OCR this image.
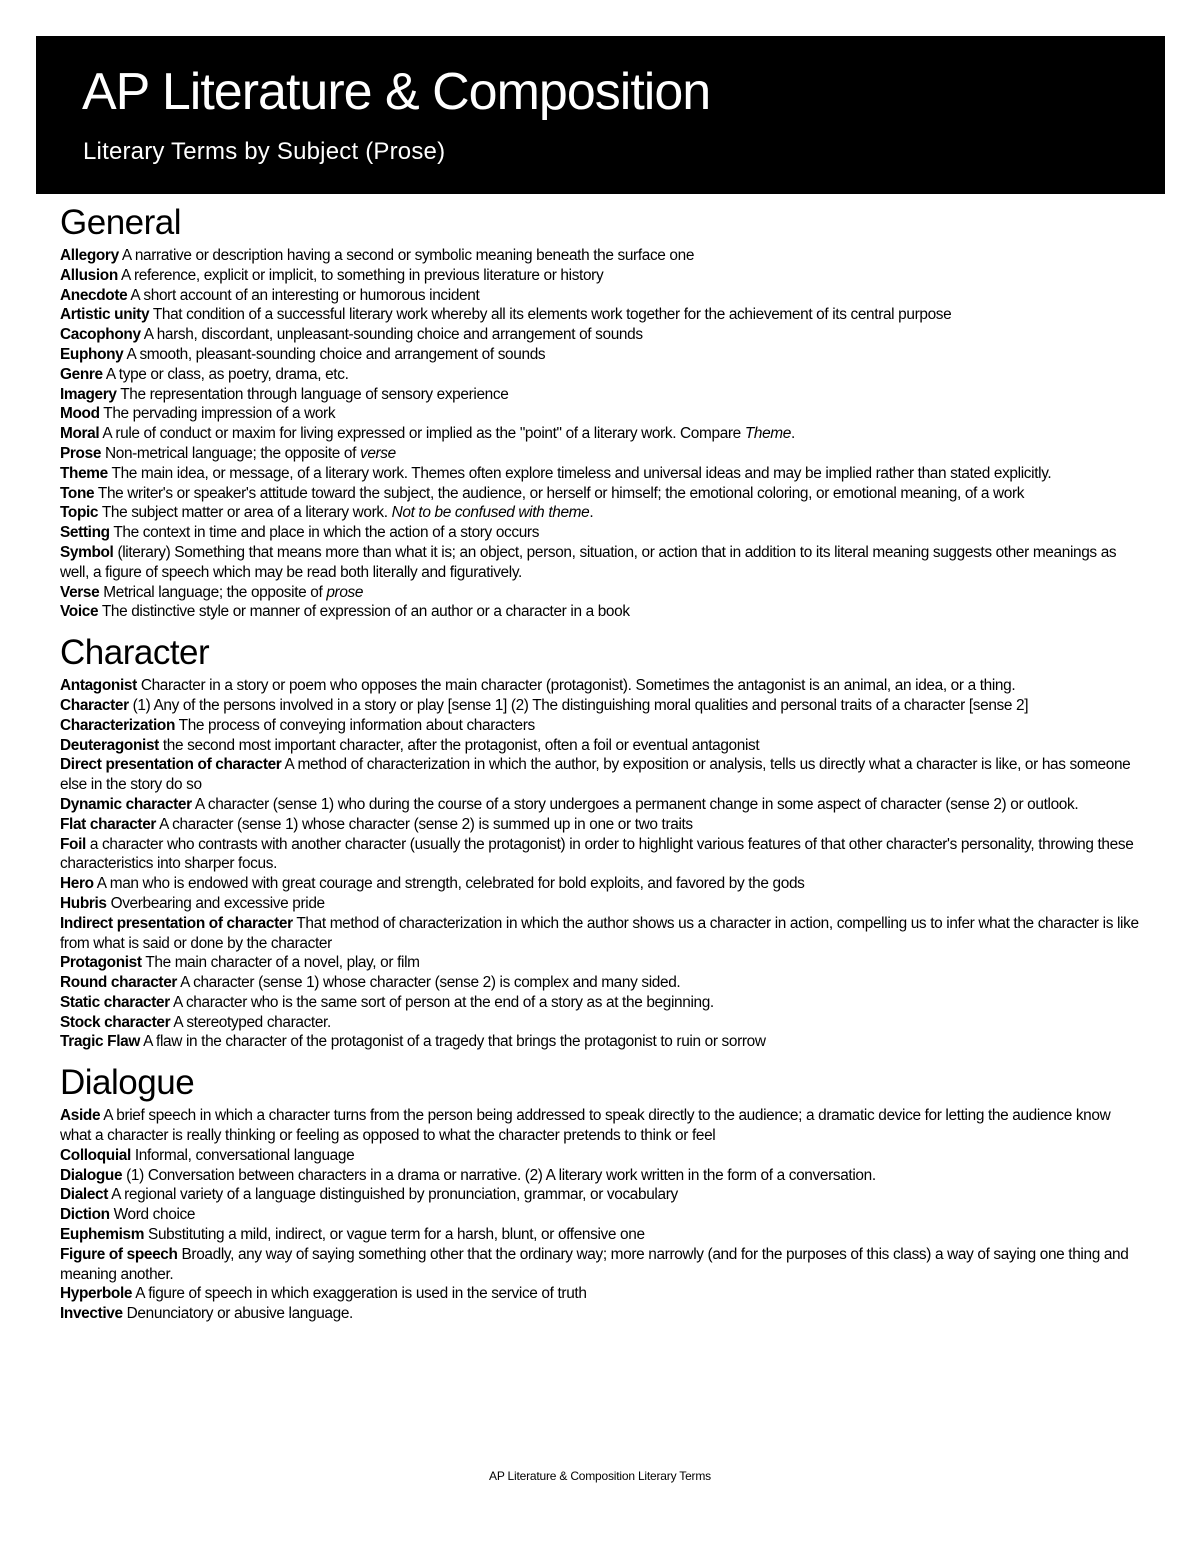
AP Literature & Composition
Literary Terms by Subject (Prose)
General
Allegory A narrative or description having a second or symbolic meaning beneath the surface one
Allusion A reference, explicit or implicit, to something in previous literature or history
Anecdote A short account of an interesting or humorous incident
Artistic unity That condition of a successful literary work whereby all its elements work together for the achievement of its central purpose
Cacophony A harsh, discordant, unpleasant-sounding choice and arrangement of sounds
Euphony A smooth, pleasant-sounding choice and arrangement of sounds
Genre A type or class, as poetry, drama, etc.
Imagery The representation through language of sensory experience
Mood The pervading impression of a work
Moral A rule of conduct or maxim for living expressed or implied as the "point" of a literary work. Compare Theme.
Prose Non-metrical language; the opposite of verse
Theme The main idea, or message, of a literary work. Themes often explore timeless and universal ideas and may be implied rather than stated explicitly.
Tone The writer's or speaker's attitude toward the subject, the audience, or herself or himself; the emotional coloring, or emotional meaning, of a work
Topic The subject matter or area of a literary work. Not to be confused with theme.
Setting The context in time and place in which the action of a story occurs
Symbol (literary) Something that means more than what it is; an object, person, situation, or action that in addition to its literal meaning suggests other meanings as well, a figure of speech which may be read both literally and figuratively.
Verse Metrical language; the opposite of prose
Voice The distinctive style or manner of expression of an author or a character in a book
Character
Antagonist Character in a story or poem who opposes the main character (protagonist). Sometimes the antagonist is an animal, an idea, or a thing.
Character (1) Any of the persons involved in a story or play [sense 1] (2) The distinguishing moral qualities and personal traits of a character [sense 2]
Characterization The process of conveying information about characters
Deuteragonist the second most important character, after the protagonist, often a foil or eventual antagonist
Direct presentation of character A method of characterization in which the author, by exposition or analysis, tells us directly what a character is like, or has someone else in the story do so
Dynamic character A character (sense 1) who during the course of a story undergoes a permanent change in some aspect of character (sense 2) or outlook.
Flat character A character (sense 1) whose character (sense 2) is summed up in one or two traits
Foil a character who contrasts with another character (usually the protagonist) in order to highlight various features of that other character's personality, throwing these characteristics into sharper focus.
Hero A man who is endowed with great courage and strength, celebrated for bold exploits, and favored by the gods
Hubris Overbearing and excessive pride
Indirect presentation of character That method of characterization in which the author shows us a character in action, compelling us to infer what the character is like from what is said or done by the character
Protagonist The main character of a novel, play, or film
Round character A character (sense 1) whose character (sense 2) is complex and many sided.
Static character A character who is the same sort of person at the end of a story as at the beginning.
Stock character A stereotyped character.
Tragic Flaw A flaw in the character of the protagonist of a tragedy that brings the protagonist to ruin or sorrow
Dialogue
Aside A brief speech in which a character turns from the person being addressed to speak directly to the audience; a dramatic device for letting the audience know what a character is really thinking or feeling as opposed to what the character pretends to think or feel
Colloquial Informal, conversational language
Dialogue (1) Conversation between characters in a drama or narrative. (2) A literary work written in the form of a conversation.
Dialect A regional variety of a language distinguished by pronunciation, grammar, or vocabulary
Diction Word choice
Euphemism Substituting a mild, indirect, or vague term for a harsh, blunt, or offensive one
Figure of speech Broadly, any way of saying something other that the ordinary way; more narrowly (and for the purposes of this class) a way of saying one thing and meaning another.
Hyperbole A figure of speech in which exaggeration is used in the service of truth
Invective Denunciatory or abusive language.
AP Literature & Composition Literary Terms
